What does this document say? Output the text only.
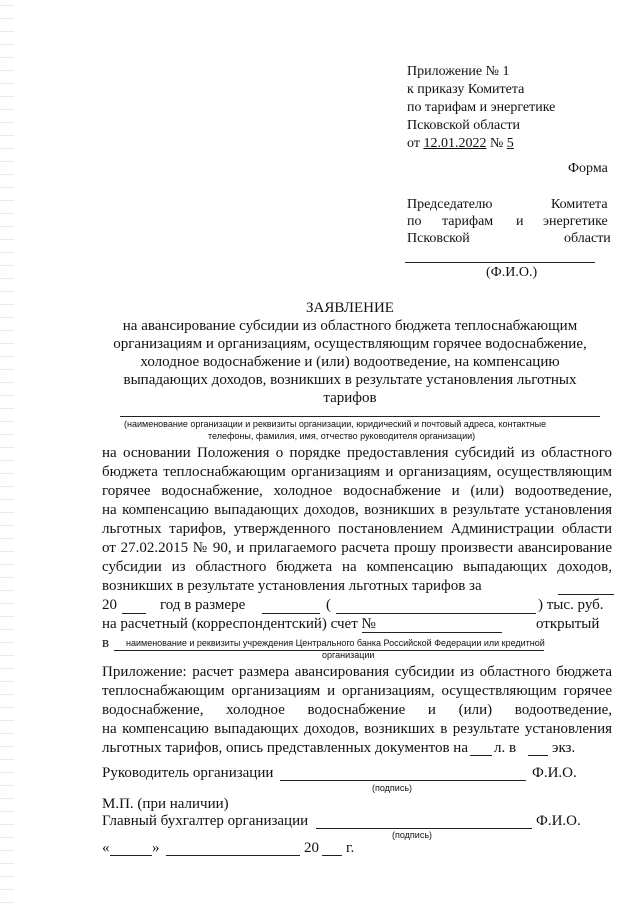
Приложение № 1
к приказу Комитета
по тарифам и энергетике
Псковской области
от 12.01.2022 № 5
Форма
Председателю	Комитета
по тарифам и энергетике
Псковской	области
(Ф.И.О.)
ЗАЯВЛЕНИЕ
на авансирование субсидии из областного бюджета теплоснабжающим
организациям и организациям, осуществляющим горячее водоснабжение,
холодное водоснабжение и (или) водоотведение, на компенсацию
выпадающих доходов, возникших в результате установления льготных
тарифов
(наименование организации и реквизиты организации, юридический и почтовый адреса, контактные
телефоны, фамилия, имя, отчество руководителя организации)
на основании Положения о порядке предоставления субсидий из областного
бюджета теплоснабжающим организациям и организациям, осуществляющим
горячее водоснабжение, холодное водоснабжение и (или) водоотведение,
на компенсацию выпадающих доходов, возникших в результате установления
льготных тарифов, утвержденного постановлением Администрации области
от 27.02.2015 № 90, и прилагаемого расчета прошу произвести авансирование
субсидии из областного бюджета на компенсацию выпадающих доходов,
возникших в результате установления льготных тарифов за
20	год в размере	(	) тыс. руб.
на расчетный (корреспондентский) счет №	открытый
в наименование и реквизиты учреждения Центрального банка Российской Федерации или кредитной
организации
Приложение: расчет размера авансирования субсидии из областного бюджета
теплоснабжающим организациям и организациям, осуществляющим горячее
водоснабжение, холодное водоснабжение и (или) водоотведение,
на компенсацию выпадающих доходов, возникших в результате установления
льготных тарифов, опись представленных документов на л. в экз.
Руководитель организации	Ф.И.О.
(подпись)
М.П. (при наличии)
Главный бухгалтер организации	Ф.И.О.
(подпись)
«	»	20 г.
